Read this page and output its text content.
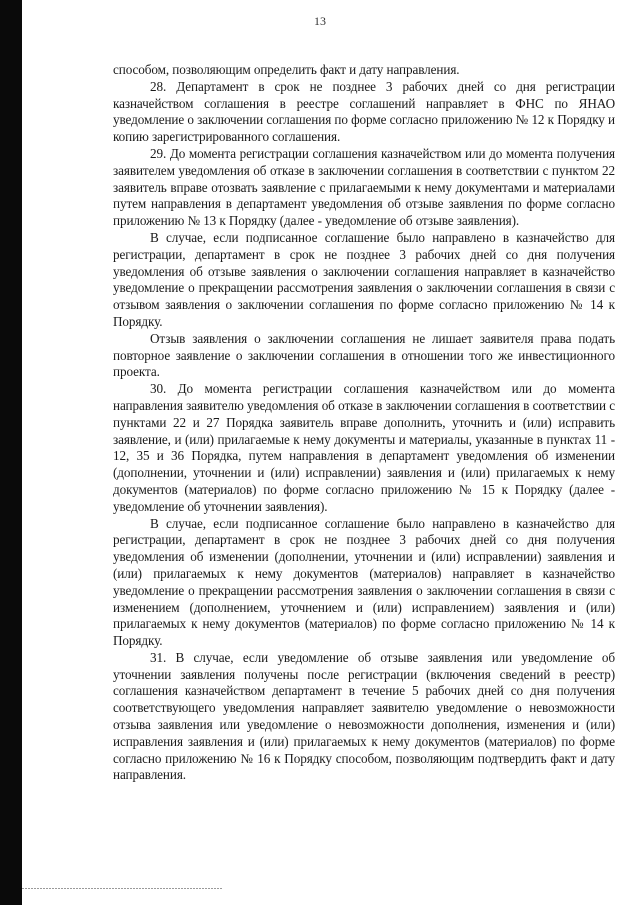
13

способом, позволяющим определить факт и дату направления.

28. Департамент в срок не позднее 3 рабочих дней со дня регистрации казначейством соглашения в реестре соглашений направляет в ФНС по ЯНАО уведомление о заключении соглашения по форме согласно приложению № 12 к Порядку и копию зарегистрированного соглашения.

29. До момента регистрации соглашения казначейством или до момента получения заявителем уведомления об отказе в заключении соглашения в соответствии с пунктом 22 заявитель вправе отозвать заявление с прилагаемыми к нему документами и материалами путем направления в департамент уведомления об отзыве заявления по форме согласно приложению № 13 к Порядку (далее - уведомление об отзыве заявления).

В случае, если подписанное соглашение было направлено в казначейство для регистрации, департамент в срок не позднее 3 рабочих дней со дня получения уведомления об отзыве заявления о заключении соглашения направляет в казначейство уведомление о прекращении рассмотрения заявления о заключении соглашения в связи с отзывом заявления о заключении соглашения по форме согласно приложению № 14 к Порядку.

Отзыв заявления о заключении соглашения не лишает заявителя права подать повторное заявление о заключении соглашения в отношении того же инвестиционного проекта.

30. До момента регистрации соглашения казначейством или до момента направления заявителю уведомления об отказе в заключении соглашения в соответствии с пунктами 22 и 27 Порядка заявитель вправе дополнить, уточнить и (или) исправить заявление, и (или) прилагаемые к нему документы и материалы, указанные в пунктах 11 - 12, 35 и 36 Порядка, путем направления в департамент уведомления об изменении (дополнении, уточнении и (или) исправлении) заявления и (или) прилагаемых к нему документов (материалов) по форме согласно приложению № 15 к Порядку (далее - уведомление об уточнении заявления).

В случае, если подписанное соглашение было направлено в казначейство для регистрации, департамент в срок не позднее 3 рабочих дней со дня получения уведомления об изменении (дополнении, уточнении и (или) исправлении) заявления и (или) прилагаемых к нему документов (материалов) направляет в казначейство уведомление о прекращении рассмотрения заявления о заключении соглашения в связи с изменением (дополнением, уточнением и (или) исправлением) заявления и (или) прилагаемых к нему документов (материалов) по форме согласно приложению № 14 к Порядку.

31. В случае, если уведомление об отзыве заявления или уведомление об уточнении заявления получены после регистрации (включения сведений в реестр) соглашения казначейством департамент в течение 5 рабочих дней со дня получения соответствующего уведомления направляет заявителю уведомление о невозможности отзыва заявления или уведомление о невозможности дополнения, изменения и (или) исправления заявления и (или) прилагаемых к нему документов (материалов) по форме согласно приложению № 16 к Порядку способом, позволяющим подтвердить факт и дату направления.
